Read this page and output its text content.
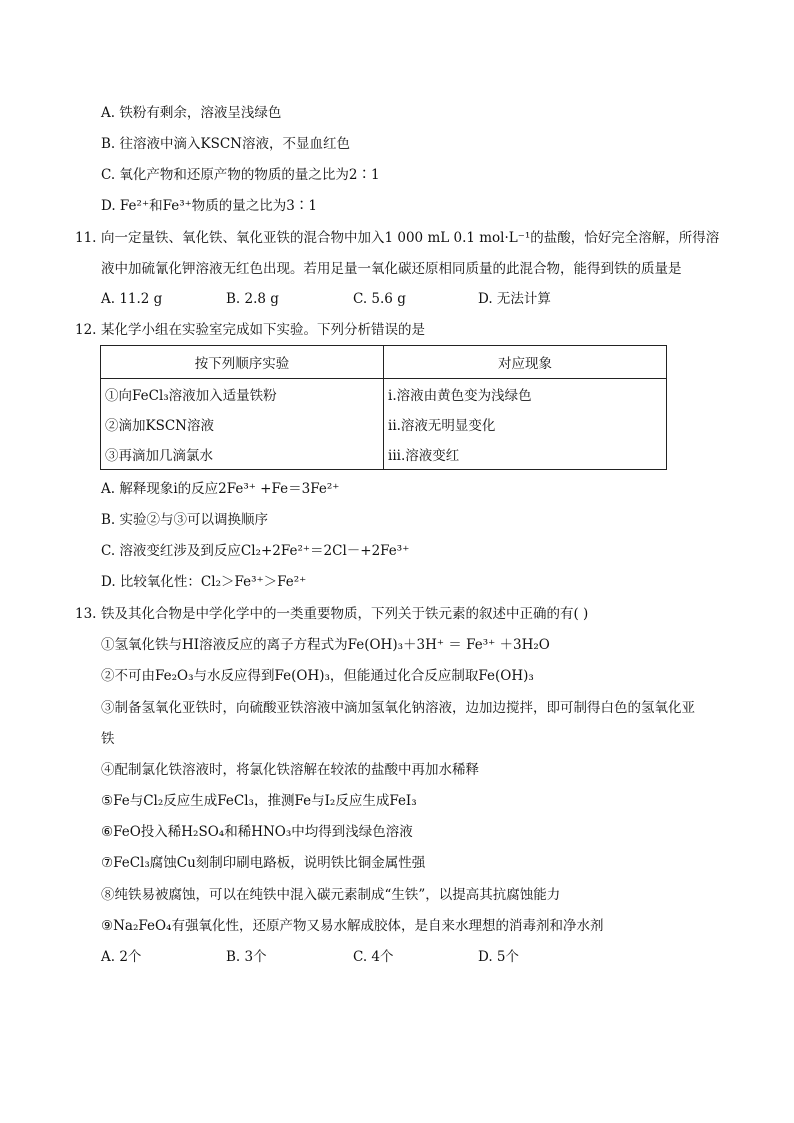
A. 铁粉有剩余，溶液呈浅绿色
B. 往溶液中滴入KSCN溶液，不显血红色
C. 氧化产物和还原产物的物质的量之比为2∶1
D. Fe²⁺和Fe³⁺物质的量之比为3∶1
11. 向一定量铁、氧化铁、氧化亚铁的混合物中加入1 000 mL 0.1 mol·L⁻¹的盐酸，恰好完全溶解，所得溶
液中加硫氰化钾溶液无红色出现。若用足量一氧化碳还原相同质量的此混合物，能得到铁的质量是
A. 11.2 g	B. 2.8 g	C. 5.6 g	D. 无法计算
12. 某化学小组在实验室完成如下实验。下列分析错误的是
按下列顺序实验	对应现象
①向FeCl₃溶液加入适量铁粉	i.溶液由黄色变为浅绿色
②滴加KSCN溶液	ii.溶液无明显变化
③再滴加几滴氯水	iii.溶液变红
A. 解释现象i的反应2Fe³⁺ +Fe＝3Fe²⁺
B. 实验②与③可以调换顺序
C. 溶液变红涉及到反应Cl₂+2Fe²⁺＝2Cl－+2Fe³⁺
D. 比较氧化性：Cl₂＞Fe³⁺＞Fe²⁺
13. 铁及其化合物是中学化学中的一类重要物质，下列关于铁元素的叙述中正确的有( )
①氢氧化铁与HI溶液反应的离子方程式为Fe(OH)₃＋3H⁺ ＝ Fe³⁺ ＋3H₂O
②不可由Fe₂O₃与水反应得到Fe(OH)₃，但能通过化合反应制取Fe(OH)₃
③制备氢氧化亚铁时，向硫酸亚铁溶液中滴加氢氧化钠溶液，边加边搅拌，即可制得白色的氢氧化亚
铁
④配制氯化铁溶液时，将氯化铁溶解在较浓的盐酸中再加水稀释
⑤Fe与Cl₂反应生成FeCl₃，推测Fe与I₂反应生成FeI₃
⑥FeO投入稀H₂SO₄和稀HNO₃中均得到浅绿色溶液
⑦FeCl₃腐蚀Cu刻制印刷电路板，说明铁比铜金属性强
⑧纯铁易被腐蚀，可以在纯铁中混入碳元素制成“生铁”，以提高其抗腐蚀能力
⑨Na₂FeO₄有强氧化性，还原产物又易水解成胶体，是自来水理想的消毒剂和净水剂
A. 2个	B. 3个	C. 4个	D. 5个
